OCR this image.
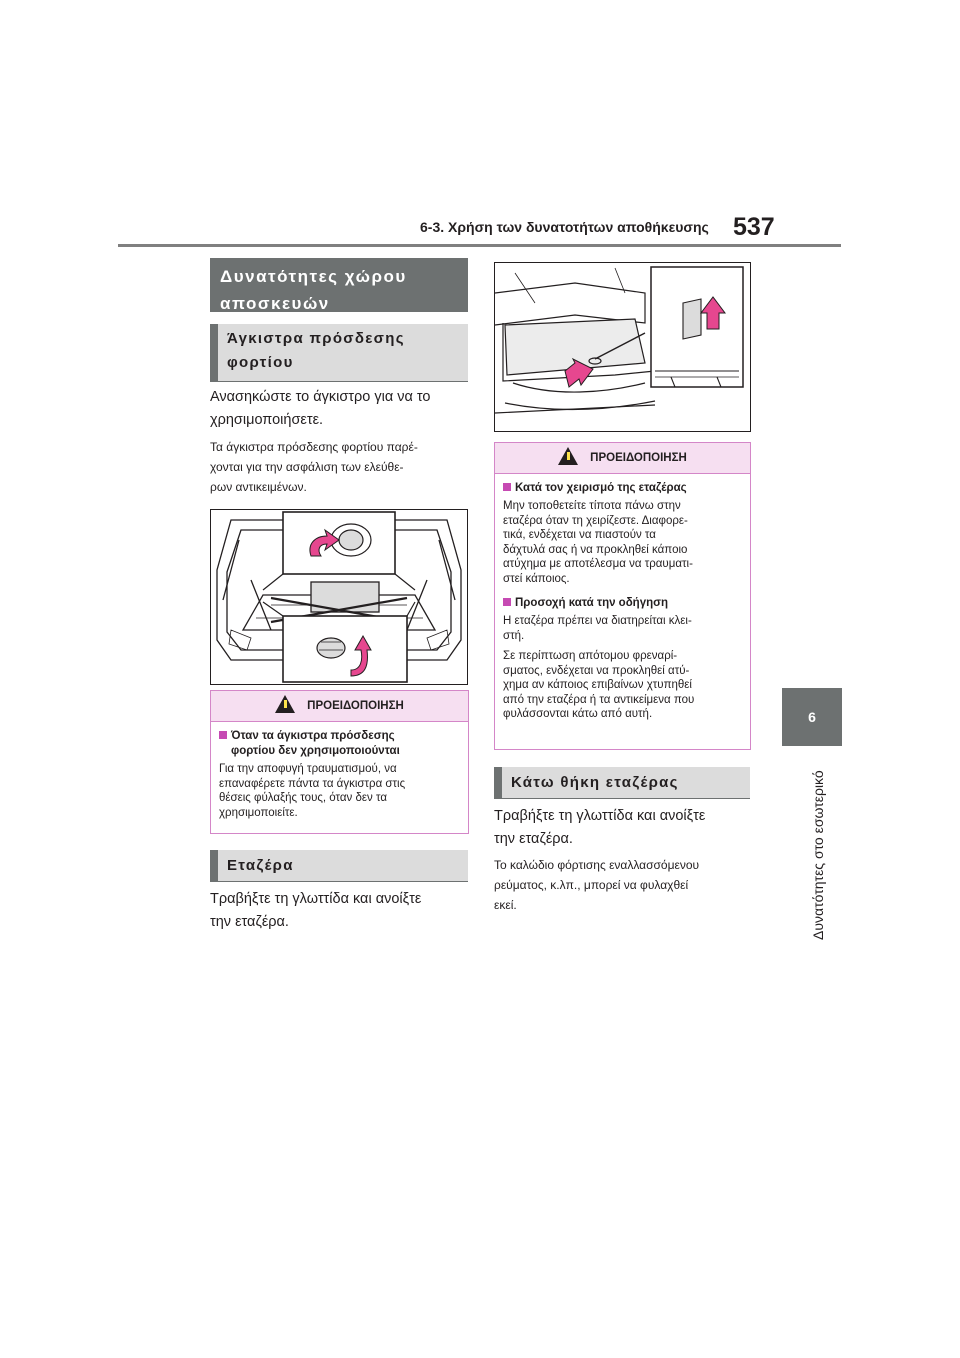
6-3. Χρήση των δυνατοτήτων αποθήκευσης 537
6
Δυνατότητες στο εσωτερικό
Δυνατότητες χώρου
αποσκευών
Άγκιστρα πρόσδεσης
φορτίου
Ανασηκώστε το άγκιστρο για να το
χρησιμοποιήσετε.
Τα άγκιστρα πρόσδεσης φορτίου παρέ-
χονται για την ασφάλιση των ελεύθε-
ρων αντικειμένων.
ΠΡΟΕΙΔΟΠΟΙΗΣΗ
Όταν τα άγκιστρα πρόσδεσης
φορτίου δεν χρησιμοποιούνται
Για την αποφυγή τραυματισμού, να
επαναφέρετε πάντα τα άγκιστρα στις
θέσεις φύλαξής τους, όταν δεν τα
χρησιμοποιείτε.
Εταζέρα
Τραβήξτε τη γλωττίδα και ανοίξτε
την εταζέρα.
ΠΡΟΕΙΔΟΠΟΙΗΣΗ
Κατά τον χειρισμό της εταζέρας
Μην τοποθετείτε τίποτα πάνω στην
εταζέρα όταν τη χειρίζεστε. Διαφορε-
τικά, ενδέχεται να πιαστούν τα
δάχτυλά σας ή να προκληθεί κάποιο
ατύχημα με αποτέλεσμα να τραυματι-
στεί κάποιος.
Προσοχή κατά την οδήγηση
Η εταζέρα πρέπει να διατηρείται κλει-
στή.
Σε περίπτωση απότομου φρεναρί-
σματος, ενδέχεται να προκληθεί ατύ-
χημα αν κάποιος επιβαίνων χτυπηθεί
από την εταζέρα ή τα αντικείμενα που
φυλάσσονται κάτω από αυτή.
Κάτω θήκη εταζέρας
Τραβήξτε τη γλωττίδα και ανοίξτε
την εταζέρα.
Το καλώδιο φόρτισης εναλλασσόμενου
ρεύματος, κ.λπ., μπορεί να φυλαχθεί
εκεί.
